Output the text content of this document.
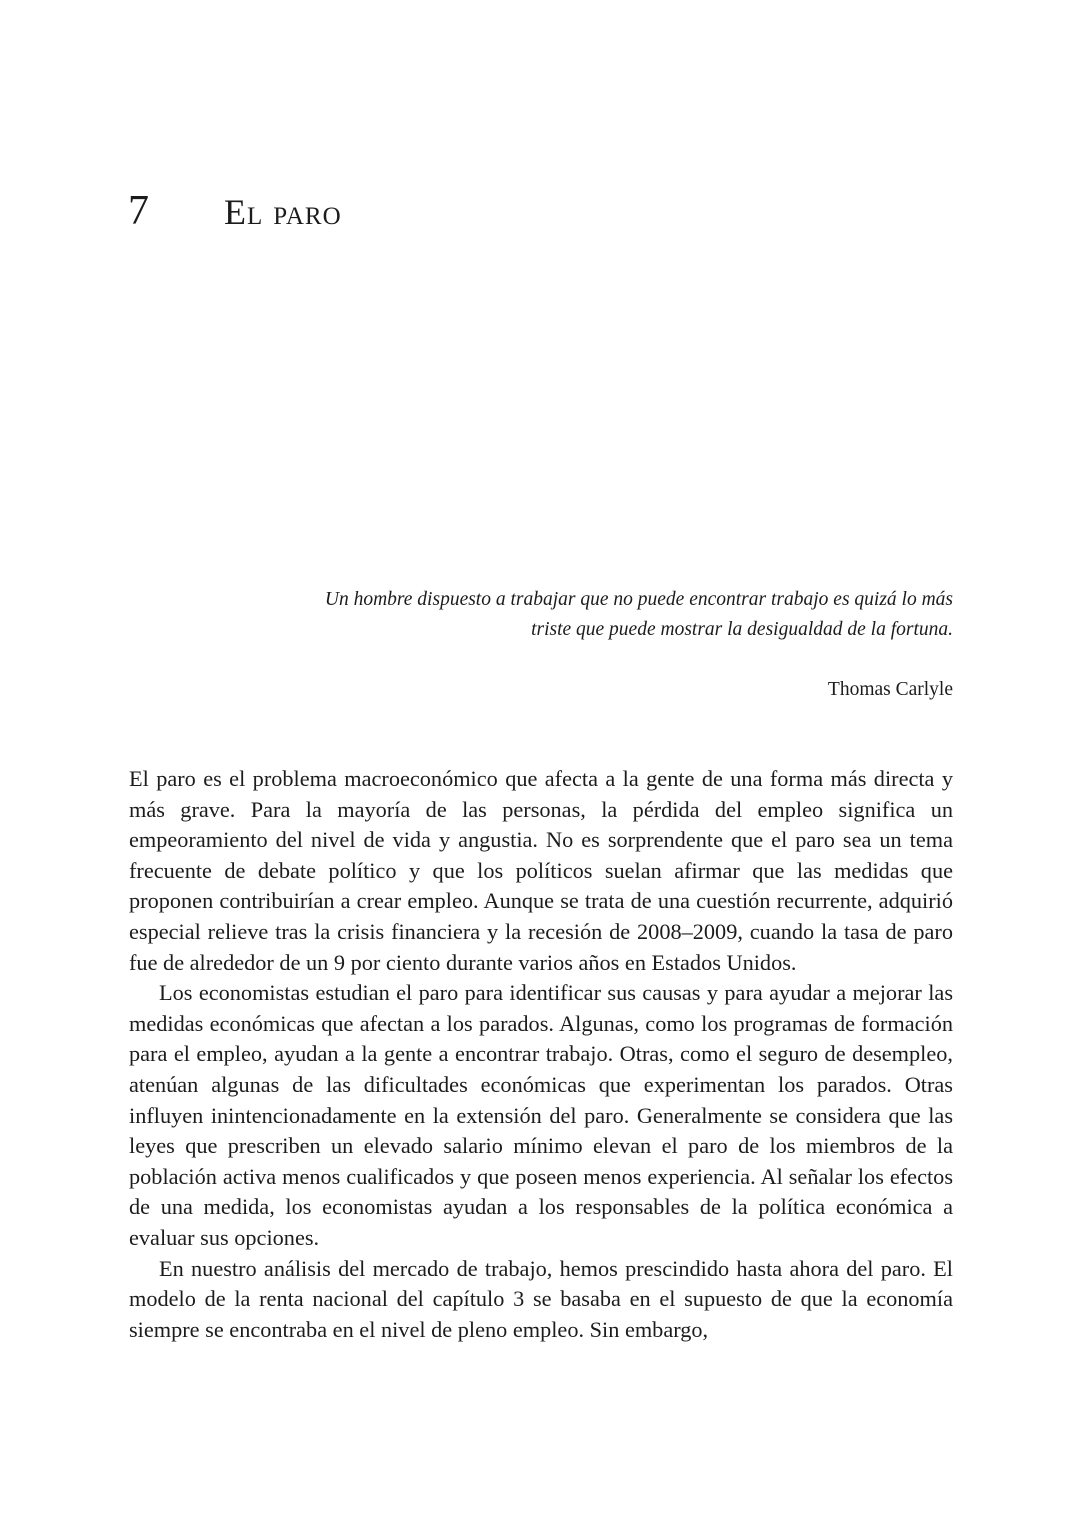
7	El paro

Un hombre dispuesto a trabajar que no puede encontrar trabajo es quizá lo más triste que puede mostrar la desigualdad de la fortuna.

Thomas Carlyle

El paro es el problema macroeconómico que afecta a la gente de una forma más directa y más grave. Para la mayoría de las personas, la pérdida del empleo significa un empeoramiento del nivel de vida y angustia. No es sorprendente que el paro sea un tema frecuente de debate político y que los políticos suelan afirmar que las medidas que proponen contribuirían a crear empleo. Aunque se trata de una cuestión recurrente, adquirió especial relieve tras la crisis financiera y la recesión de 2008–2009, cuando la tasa de paro fue de alrededor de un 9 por ciento durante varios años en Estados Unidos.

Los economistas estudian el paro para identificar sus causas y para ayudar a mejorar las medidas económicas que afectan a los parados. Algunas, como los programas de formación para el empleo, ayudan a la gente a encontrar trabajo. Otras, como el seguro de desempleo, atenúan algunas de las dificultades económicas que experimentan los parados. Otras influyen inintencionadamente en la extensión del paro. Generalmente se considera que las leyes que prescriben un elevado salario mínimo elevan el paro de los miembros de la población activa menos cualificados y que poseen menos experiencia. Al señalar los efectos de una medida, los economistas ayudan a los responsables de la política económica a evaluar sus opciones.

En nuestro análisis del mercado de trabajo, hemos prescindido hasta ahora del paro. El modelo de la renta nacional del capítulo 3 se basaba en el supuesto de que la economía siempre se encontraba en el nivel de pleno empleo. Sin embargo,
